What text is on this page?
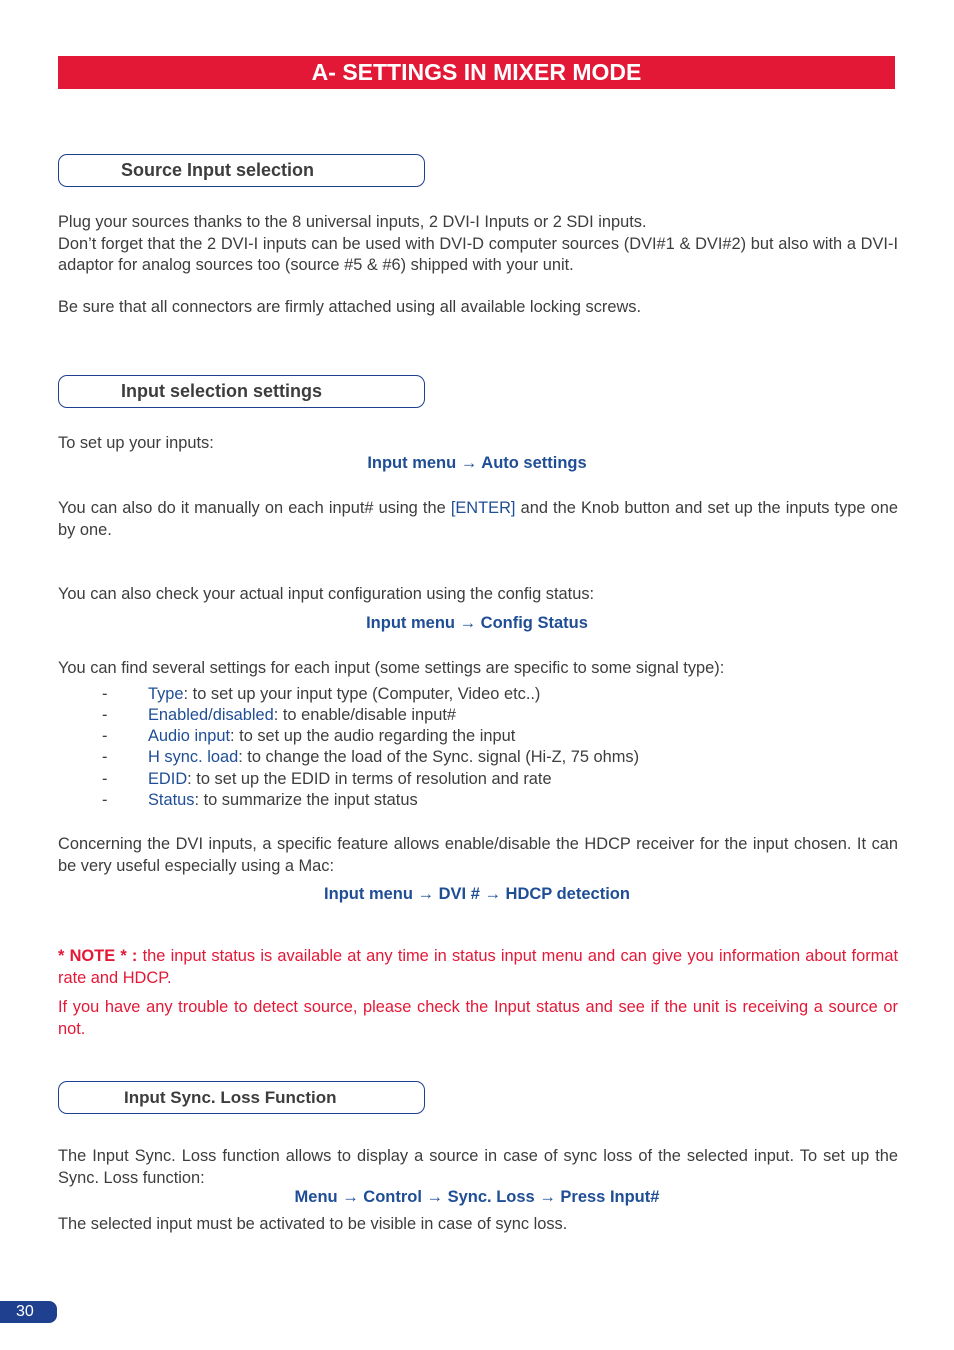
A- SETTINGS IN MIXER MODE
Source Input selection
Plug your sources thanks to the 8 universal inputs, 2 DVI-I Inputs or 2 SDI inputs.
Don’t forget that the 2 DVI-I inputs can be used with DVI-D computer sources (DVI#1 & DVI#2) but also with a DVI-I adaptor for analog sources too (source #5 & #6) shipped with your unit.
Be sure that all connectors are firmly attached using all available locking screws.
Input selection settings
To set up your inputs:
Input menu → Auto settings
You can also do it manually on each input# using the [ENTER] and the Knob button and set up the inputs type one by one.
You can also check your actual input configuration using the config status:
Input menu → Config Status
You can find several settings for each input (some settings are specific to some signal type):
- Type: to set up your input type (Computer, Video etc..)
- Enabled/disabled: to enable/disable input#
- Audio input: to set up the audio regarding the input
- H sync. load: to change the load of the Sync. signal (Hi-Z, 75 ohms)
- EDID: to set up the EDID in terms of resolution and rate
- Status: to summarize the input status
Concerning the DVI inputs, a specific feature allows enable/disable the HDCP receiver for the input chosen. It can be very useful especially using a Mac:
Input menu → DVI # → HDCP detection
* NOTE * : the input status is available at any time in status input menu and can give you information about format rate and HDCP.
If you have any trouble to detect source, please check the Input status and see if the unit is receiving a source or not.
Input Sync. Loss Function
The Input Sync. Loss function allows to display a source in case of sync loss of the selected input. To set up the Sync. Loss function:
Menu → Control → Sync. Loss → Press Input#
The selected input must be activated to be visible in case of sync loss.
30
